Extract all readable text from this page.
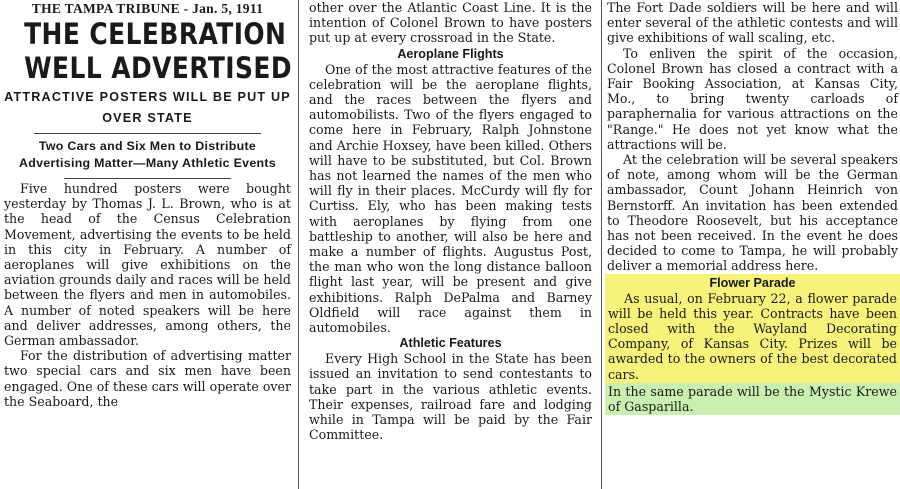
THE TAMPA TRIBUNE - Jan. 5, 1911
THE CELEBRATION
WELL ADVERTISED
ATTRACTIVE POSTERS WILL BE PUT UP OVER STATE
Two Cars and Six Men to Distribute Advertising Matter—Many Athletic Events

Five hundred posters were bought yesterday by Thomas J. L. Brown, who is at the head of the Census Celebration Movement, advertising the events to be held in this city in February. A number of aeroplanes will give exhibitions on the aviation grounds daily and races will be held between the flyers and men in automobiles. A number of noted speakers will be here and deliver addresses, among others, the German ambassador.

For the distribution of advertising matter two special cars and six men have been engaged. One of these cars will operate over the Seaboard, the

other over the Atlantic Coast Line. It is the intention of Colonel Brown to have posters put up at every crossroad in the State.

Aeroplane Flights

One of the most attractive features of the celebration will be the aeroplane flights, and the races between the flyers and automobilists. Two of the flyers engaged to come here in February, Ralph Johnstone and Archie Hoxsey, have been killed. Others will have to be substituted, but Col. Brown has not learned the names of the men who will fly in their places. McCurdy will fly for Curtiss. Ely, who has been making tests with aeroplanes by flying from one battleship to another, will also be here and make a number of flights. Augustus Post, the man who won the long distance balloon flight last year, will be present and give exhibitions. Ralph DePalma and Barney Oldfield will race against them in automobiles.

Athletic Features

Every High School in the State has been issued an invitation to send contestants to take part in the various athletic events. Their expenses, railroad fare and lodging while in Tampa will be paid by the Fair Committee.

The Fort Dade soldiers will be here and will enter several of the athletic contests and will give exhibitions of wall scaling, etc.

To enliven the spirit of the occasion, Colonel Brown has closed a contract with a Fair Booking Association, at Kansas City, Mo., to bring twenty carloads of paraphernalia for various attractions on the "Range." He does not yet know what the attractions will be.

At the celebration will be several speakers of note, among whom will be the German ambassador, Count Johann Heinrich von Bernstorff. An invitation has been extended to Theodore Roosevelt, but his acceptance has not been received. In the event he does decided to come to Tampa, he will probably deliver a memorial address here.

Flower Parade

As usual, on February 22, a flower parade will be held this year. Contracts have been closed with the Wayland Decorating Company, of Kansas City. Prizes will be awarded to the owners of the best decorated cars.

In the same parade will be the Mystic Krewe of Gasparilla.
